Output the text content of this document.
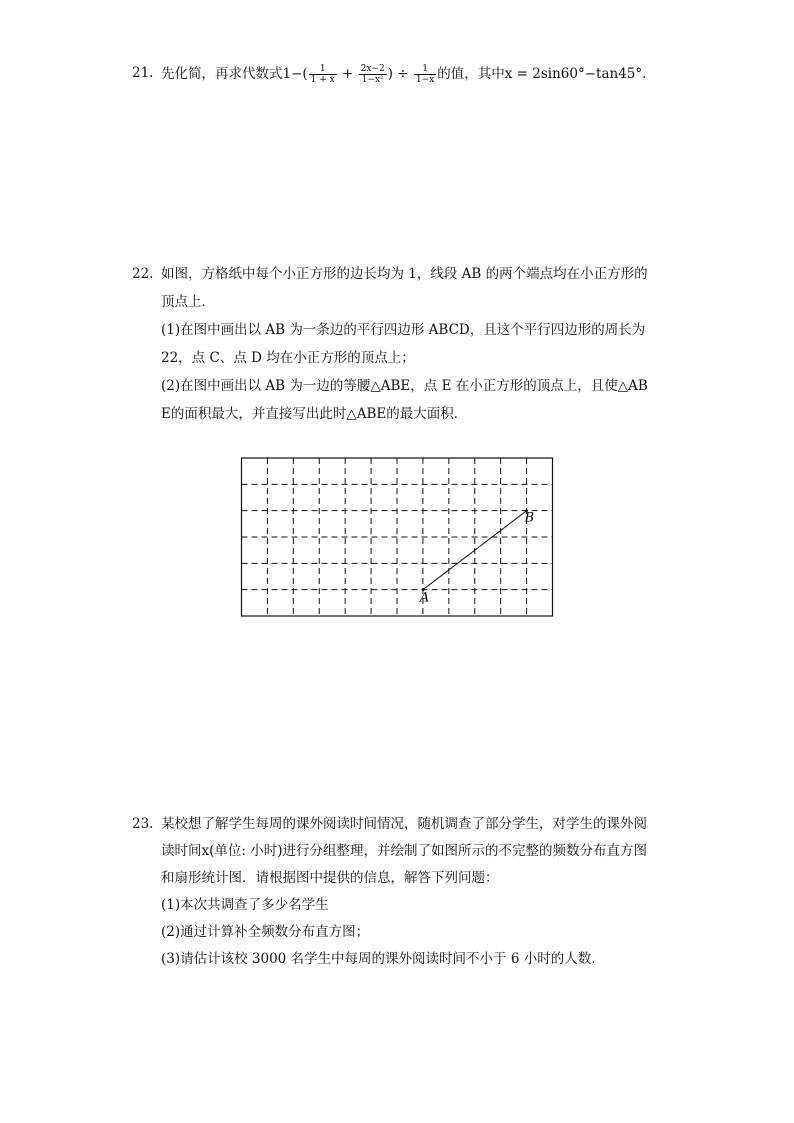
21. 先化简，再求代数式$1-( \frac{1}{1 + x} + \frac{2x-2}{\text{1−x²}}$ ) ÷ $\frac{1}{1-x}$ 的值，其中x = 2sin60°−tan45°.
22. 如图，方格纸中每个小正方形的边长均为 1，线段 AB 的两个端点均在小正方形的
顶点上．
(1)在图中画出以 AB 为一条边的平行四边形 ABCD，且这个平行四边形的周长为
22，点 C、点 D 均在小正方形的顶点上；
(2)在图中画出以 AB 为一边的等腰△ABE，点 E 在小正方形的顶点上，且使△AB
E的面积最大，并直接写出此时△ABE的最大面积．
A
B
23. 某校想了解学生每周的课外阅读时间情况，随机调查了部分学生，对学生的课外阅
读时间x(单位: 小时)进行分组整理，并绘制了如图所示的不完整的频数分布直方图
和扇形统计图．请根据图中提供的信息，解答下列问题：
(1)本次共调查了多少名学生
(2)通过计算补全频数分布直方图；
(3)请估计该校 3000 名学生中每周的课外阅读时间不小于 6 小时的人数．
